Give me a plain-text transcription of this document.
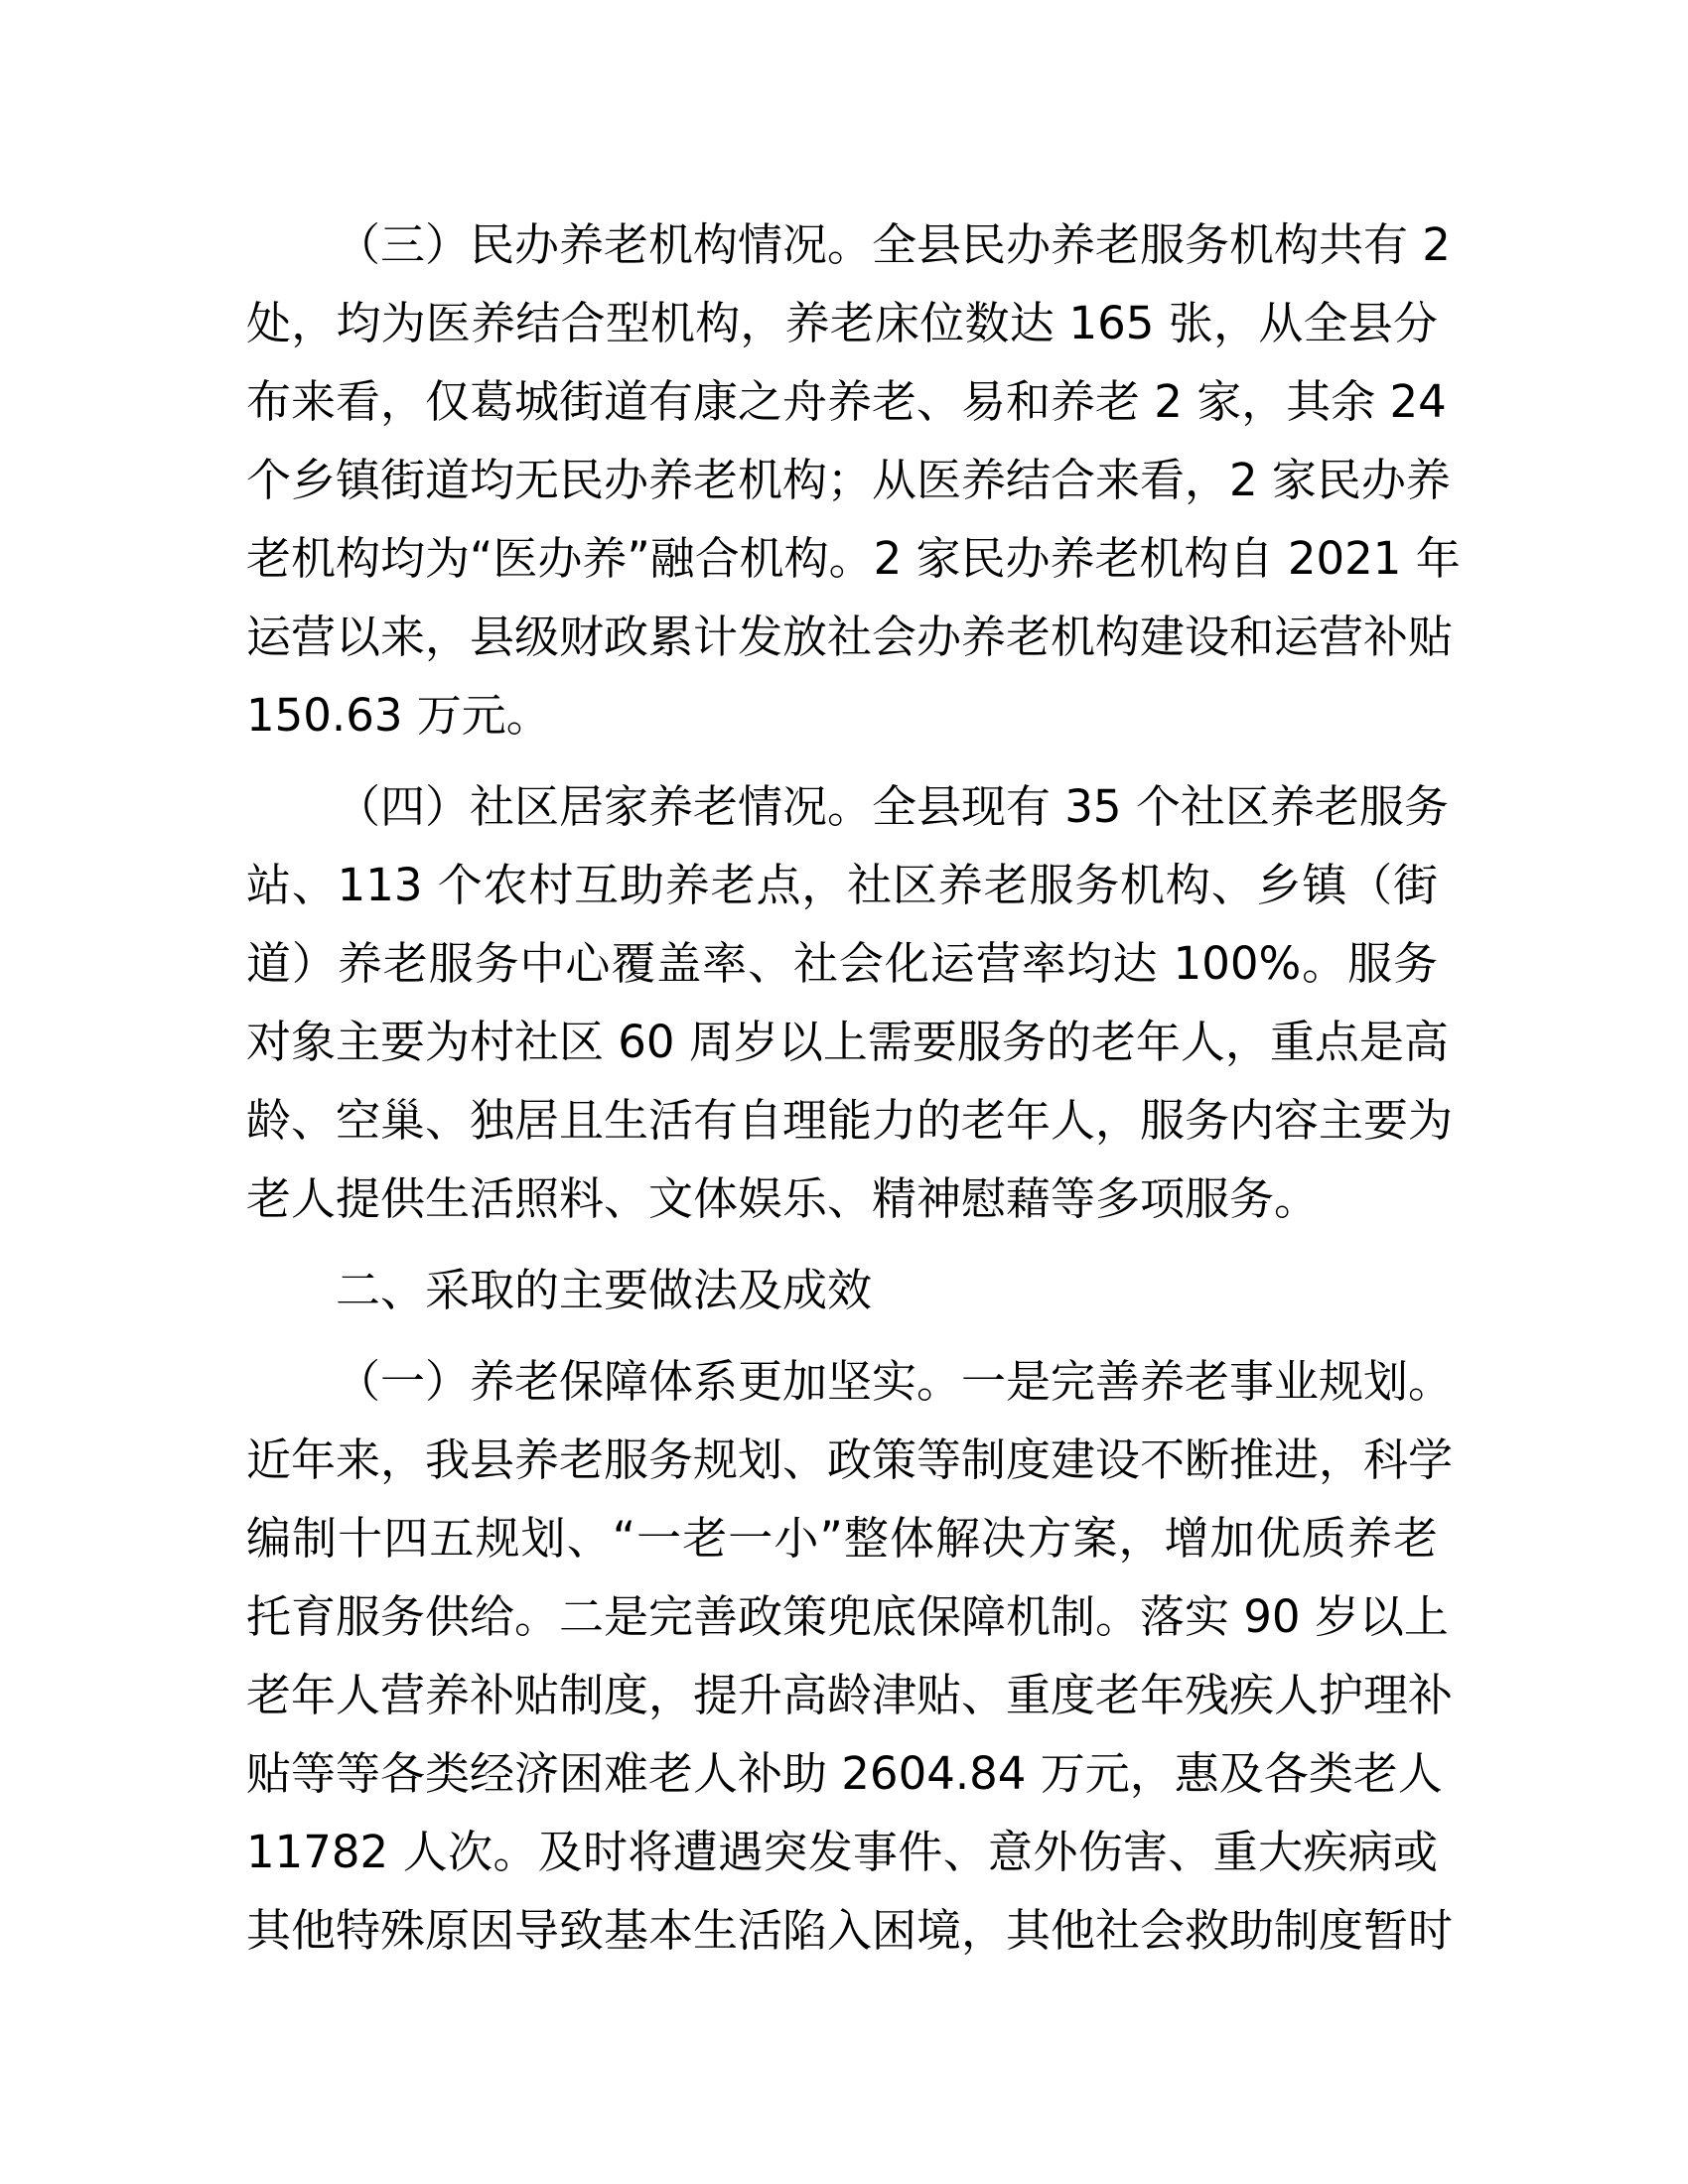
（三）民办养老机构情况。全县民办养老服务机构共有 2
处，均为医养结合型机构，养老床位数达 165 张，从全县分
布来看，仅葛城街道有康之舟养老、易和养老 2 家，其余 24
个乡镇街道均无民办养老机构；从医养结合来看，2 家民办养
老机构均为“医办养”融合机构。2 家民办养老机构自 2021 年
运营以来，县级财政累计发放社会办养老机构建设和运营补贴
150.63 万元。
（四）社区居家养老情况。全县现有 35 个社区养老服务
站、113 个农村互助养老点，社区养老服务机构、乡镇（街
道）养老服务中心覆盖率、社会化运营率均达 100%。服务
对象主要为村社区 60 周岁以上需要服务的老年人，重点是高
龄、空巢、独居且生活有自理能力的老年人，服务内容主要为
老人提供生活照料、文体娱乐、精神慰藉等多项服务。
二、采取的主要做法及成效
（一）养老保障体系更加坚实。一是完善养老事业规划。
近年来，我县养老服务规划、政策等制度建设不断推进，科学
编制十四五规划、“一老一小”整体解决方案，增加优质养老
托育服务供给。二是完善政策兜底保障机制。落实 90 岁以上
老年人营养补贴制度，提升高龄津贴、重度老年残疾人护理补
贴等等各类经济困难老人补助 2604.84 万元，惠及各类老人
11782 人次。及时将遭遇突发事件、意外伤害、重大疾病或
其他特殊原因导致基本生活陷入困境，其他社会救助制度暂时
